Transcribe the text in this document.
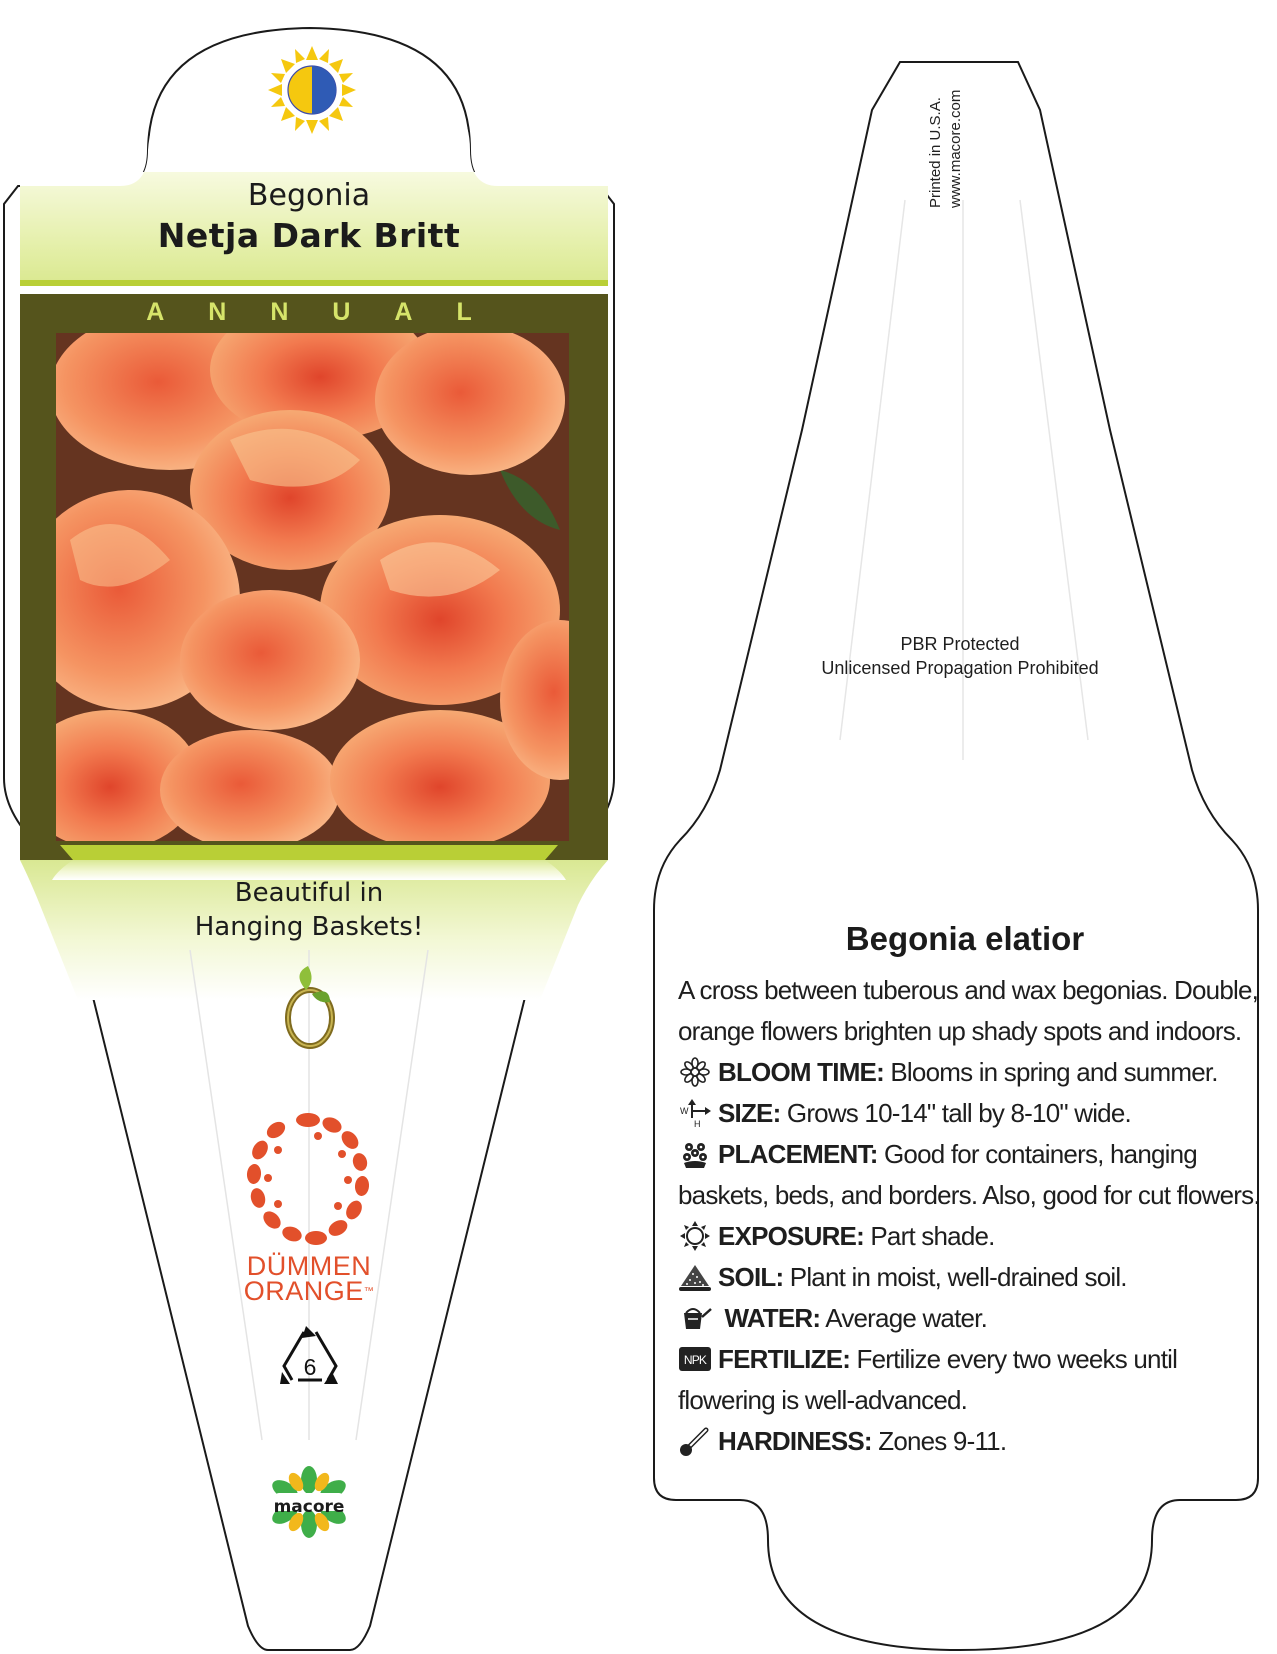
Begonia
Netja Dark Britt
ANNUAL
Beautiful in
Hanging Baskets!
DÜMMEN
ORANGE™
6
macore
Printed in U.S.A. www.macore.com
PBR Protected
Unlicensed Propagation Prohibited
Begonia elatior

A cross between tuberous and wax begonias. Double, orange flowers brighten up shady spots and indoors.

BLOOM TIME: Blooms in spring and summer.

W
H SIZE: Grows 10-14" tall by 8-10" wide.

PLACEMENT: Good for containers, hanging baskets, beds, and borders. Also, good for cut flowers.

EXPOSURE: Part shade.

SOIL: Plant in moist, well-drained soil.

WATER: Average water.

NPK FERTILIZE: Fertilize every two weeks until flowering is well-advanced.

HARDINESS: Zones 9-11.
